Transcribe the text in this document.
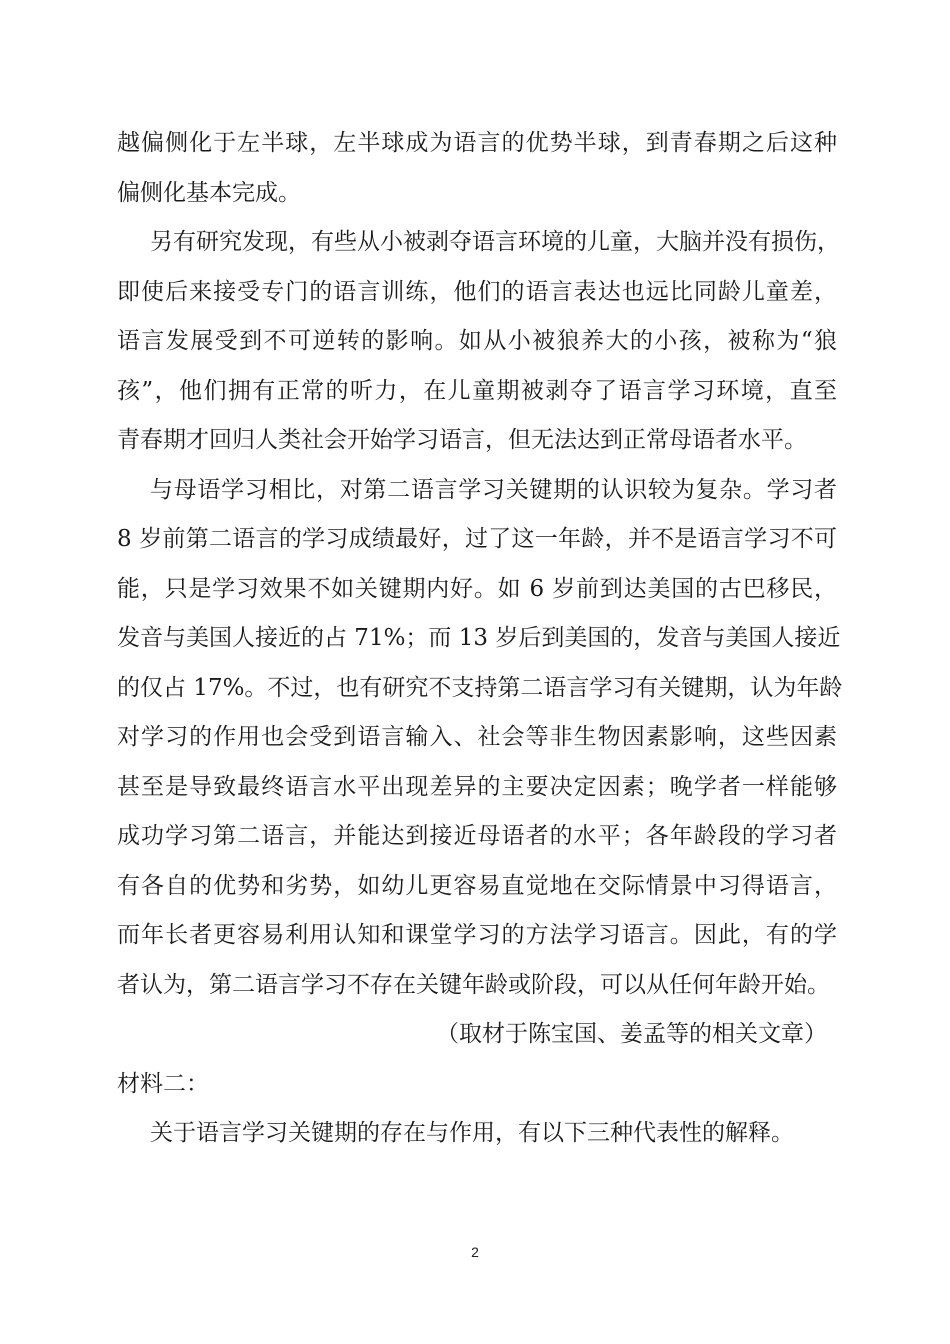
越偏侧化于左半球，左半球成为语言的优势半球，到青春期之后这种
偏侧化基本完成。
另有研究发现，有些从小被剥夺语言环境的儿童，大脑并没有损伤，
即使后来接受专门的语言训练，他们的语言表达也远比同龄儿童差，
语言发展受到不可逆转的影响。如从小被狼养大的小孩，被称为“狼
孩”，他们拥有正常的听力，在儿童期被剥夺了语言学习环境，直至
青春期才回归人类社会开始学习语言，但无法达到正常母语者水平。
与母语学习相比，对第二语言学习关键期的认识较为复杂。学习者
8 岁前第二语言的学习成绩最好，过了这一年龄，并不是语言学习不可
能，只是学习效果不如关键期内好。如 6 岁前到达美国的古巴移民，
发音与美国人接近的占 71%；而 13 岁后到美国的，发音与美国人接近
的仅占 17%。不过，也有研究不支持第二语言学习有关键期，认为年龄
对学习的作用也会受到语言输入、社会等非生物因素影响，这些因素
甚至是导致最终语言水平出现差异的主要决定因素；晚学者一样能够
成功学习第二语言，并能达到接近母语者的水平；各年龄段的学习者
有各自的优势和劣势，如幼儿更容易直觉地在交际情景中习得语言，
而年长者更容易利用认知和课堂学习的方法学习语言。因此，有的学
者认为，第二语言学习不存在关键年龄或阶段，可以从任何年龄开始。
（取材于陈宝国、姜孟等的相关文章）
材料二：
关于语言学习关键期的存在与作用，有以下三种代表性的解释。
2
